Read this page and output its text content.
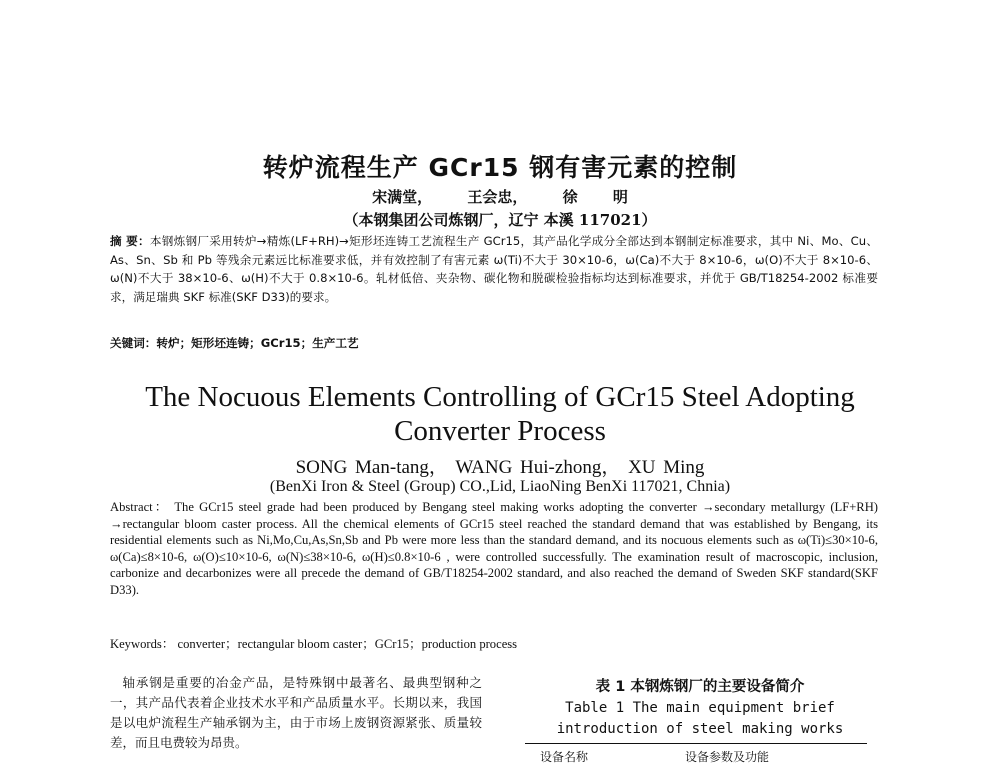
转炉流程生产 GCr15 钢有害元素的控制
宋满堂， 王会忠， 徐 明
（本钢集团公司炼钢厂，辽宁 本溪 117021）
摘 要：本钢炼钢厂采用转炉→精炼(LF+RH)→矩形坯连铸工艺流程生产 GCr15，其产品化学成分全部达到本钢制定标准要求，其中 Ni、Mo、Cu、As、Sn、Sb 和 Pb 等残余元素远比标准要求低，并有效控制了有害元素 ω(Ti)不大于 30×10-6，ω(Ca)不大于 8×10-6，ω(O)不大于 8×10-6、ω(N)不大于 38×10-6、ω(H)不大于 0.8×10-6。轧材低倍、夹杂物、碳化物和脱碳检验指标均达到标准要求，并优于 GB/T18254-2002 标准要求，满足瑞典 SKF 标准(SKF D33)的要求。
关键词：转炉；矩形坯连铸；GCr15；生产工艺
The Nocuous Elements Controlling of GCr15 Steel Adopting
Converter Process
SONG Man-tang， WANG Hui-zhong， XU Ming
(BenXi Iron & Steel (Group) CO.,Lid, LiaoNing BenXi 117021, Chnia)
Abstract： The GCr15 steel grade had been produced by Bengang steel making works adopting the converter →secondary metallurgy (LF+RH) →rectangular bloom caster process. All the chemical elements of GCr15 steel reached the standard demand that was established by Bengang, its residential elements such as Ni,Mo,Cu,As,Sn,Sb and Pb were more less than the standard demand, and its nocuous elements such as ω(Ti)≤30×10-6, ω(Ca)≤8×10-6, ω(O)≤10×10-6, ω(N)≤38×10-6, ω(H)≤0.8×10-6 , were controlled successfully. The examination result of macroscopic, inclusion, carbonize and decarbonizes were all precede the demand of GB/T18254-2002 standard, and also reached the demand of Sweden SKF standard(SKF D33).
Keywords： converter；rectangular bloom caster；GCr15；production process
轴承钢是重要的冶金产品，是特殊钢中最著名、最典型钢种之一，其产品代表着企业技术水平和产品质量水平。长期以来，我国是以电炉流程生产轴承钢为主，由于市场上废钢资源紧张、质量较差，而且电费较为昂贵。
表 1 本钢炼钢厂的主要设备简介
Table 1 The main equipment brief
introduction of steel making works
设备名称	设备参数及功能
